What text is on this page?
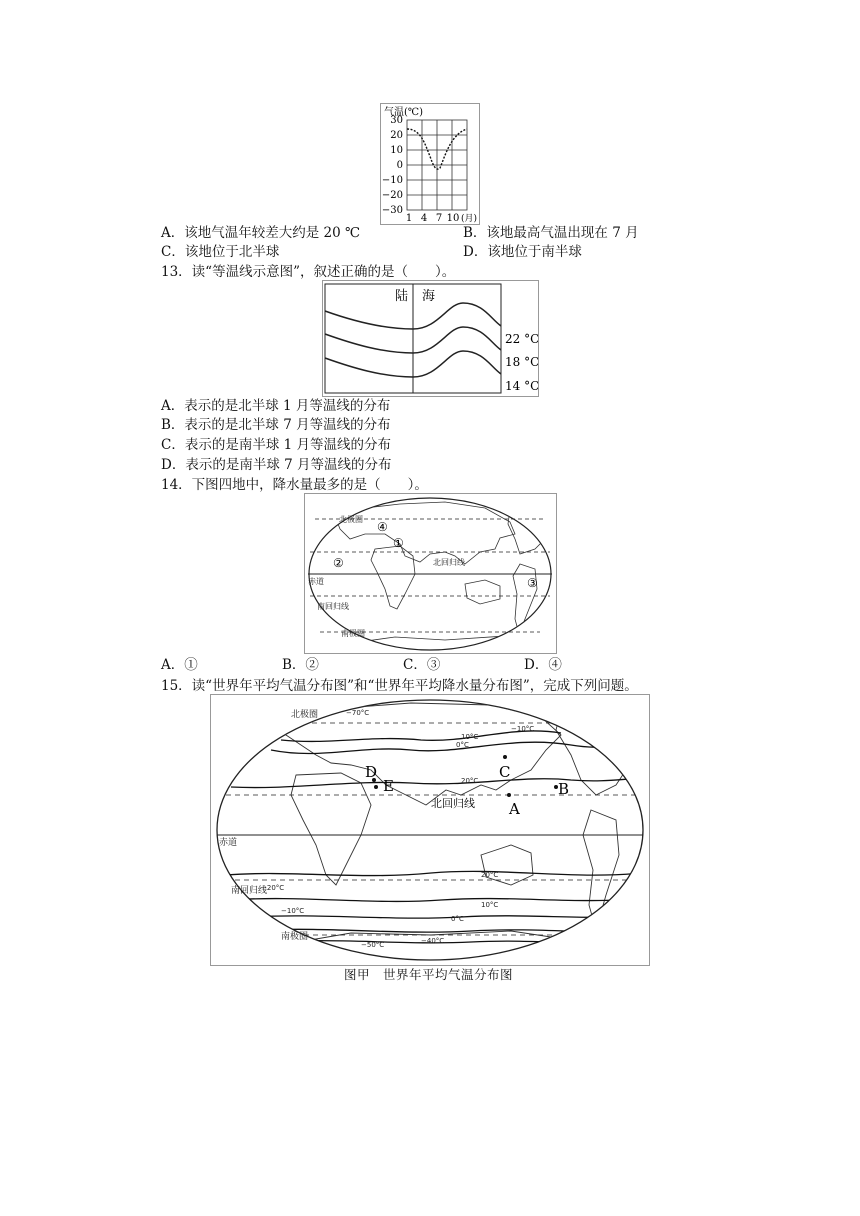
气温(℃)
30
20
10
0
−10
−20
−30
1 4 7 10 (月)
A．该地气温年较差大约是 20 ℃	B．该地最高气温出现在 7 月
C．该地位于北半球	D．该地位于南半球
13．读“等温线示意图”，叙述正确的是（　　）。
陆 海
22 °C
18 °C
14 °C
A．表示的是北半球 1 月等温线的分布
B．表示的是北半球 7 月等温线的分布
C．表示的是南半球 1 月等温线的分布
D．表示的是南半球 7 月等温线的分布
14．下图四地中，降水量最多的是（　　）。
北极圈
北回归线
赤道
南回归线
南极圈
①
②
③
④
A．①	B．②	C．③	D．④
15．读“世界年平均气温分布图”和“世界年平均降水量分布图”，完成下列问题。
北极圈
赤道
南回归线
南极圈
北回归线
10°C
0°C
−10°C
20°C
20°C
10°C
0°C
−10°C
−20°C
−40°C
−50°C
−70°C
A
B
C
D
E
图甲　世界年平均气温分布图
